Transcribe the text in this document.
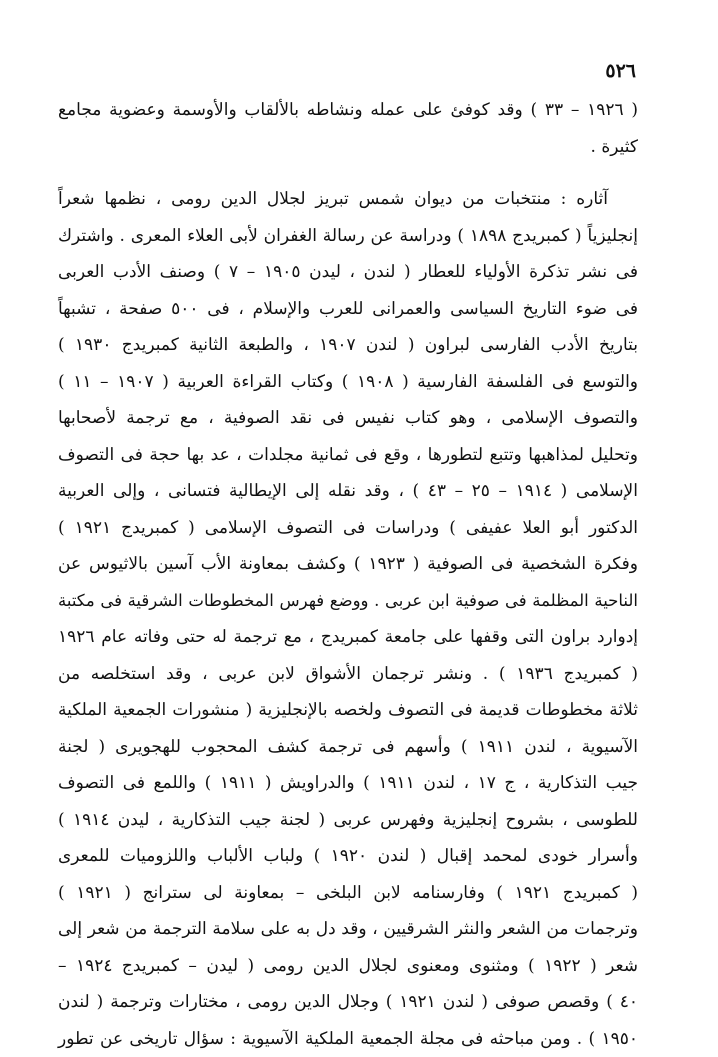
٥٢٦
( ١٩٢٦ – ٣٣ ) وقد كوفئ على عمله ونشاطه بالألقاب والأوسمة وعضوية مجامع
كثيرة .
آثاره : منتخبات من ديوان شمس تبريز لجلال الدين رومى ، نظمها شعراً
إنجليزياً ( كمبريدج ١٨٩٨ ) ودراسة عن رسالة الغفران لأبى العلاء المعرى . واشترك
فى نشر تذكرة الأولياء للعطار ( لندن ، ليدن ١٩٠٥ – ٧ ) وصنف الأدب العربى
فى ضوء التاريخ السياسى والعمرانى للعرب والإسلام ، فى ٥٠٠ صفحة ، تشبهاً
بتاريخ الأدب الفارسى لبراون ( لندن ١٩٠٧ ، والطبعة الثانية كمبريدج ١٩٣٠ )
والتوسع فى الفلسفة الفارسية ( ١٩٠٨ ) وكتاب القراءة العربية ( ١٩٠٧ – ١١ )
والتصوف الإسلامى ، وهو كتاب نفيس فى نقد الصوفية ، مع ترجمة لأصحابها
وتحليل لمذاهبها وتتبع لتطورها ، وقع فى ثمانية مجلدات ، عد بها حجة فى التصوف
الإسلامى ( ١٩١٤ – ٢٥ – ٤٣ ) ، وقد نقله إلى الإيطالية فتسانى ، وإلى العربية
الدكتور أبو العلا عفيفى ) ودراسات فى التصوف الإسلامى ( كمبريدج ١٩٢١ )
وفكرة الشخصية فى الصوفية ( ١٩٢٣ ) وكشف بمعاونة الأب آسين بالاثيوس عن
الناحية المظلمة فى صوفية ابن عربى . ووضع فهرس المخطوطات الشرقية فى مكتبة
إدوارد براون التى وقفها على جامعة كمبريدج ، مع ترجمة له حتى وفاته عام ١٩٢٦
( كمبريدج ١٩٣٦ ) . ونشر ترجمان الأشواق لابن عربى ، وقد استخلصه من
ثلاثة مخطوطات قديمة فى التصوف ولخصه بالإنجليزية ( منشورات الجمعية الملكية
الآسيوية ، لندن ١٩١١ ) وأسهم فى ترجمة كشف المحجوب للهجويرى ( لجنة
جيب التذكارية ، ج ١٧ ، لندن ١٩١١ ) والدراويش ( ١٩١١ ) واللمع فى التصوف
للطوسى ، بشروح إنجليزية وفهرس عربى ( لجنة جيب التذكارية ، ليدن ١٩١٤ )
وأسرار خودى لمحمد إقبال ( لندن ١٩٢٠ ) ولباب الألباب واللزوميات للمعرى
( كمبريدج ١٩٢١ ) وفارسنامه لابن البلخى – بمعاونة لى سترانج ( ١٩٢١ )
وترجمات من الشعر والنثر الشرقيين ، وقد دل به على سلامة الترجمة من شعر إلى
شعر ( ١٩٢٢ ) ومثنوى ومعنوى لجلال الدين رومى ( ليدن – كمبريدج ١٩٢٤ –
٤٠ ) وقصص صوفى ( لندن ١٩٢١ ) وجلال الدين رومى ، مختارات وترجمة ( لندن
١٩٥٠ ) . ومن مباحثه فى مجلة الجمعية الملكية الآسيوية : سؤال تاريخى عن تطور
